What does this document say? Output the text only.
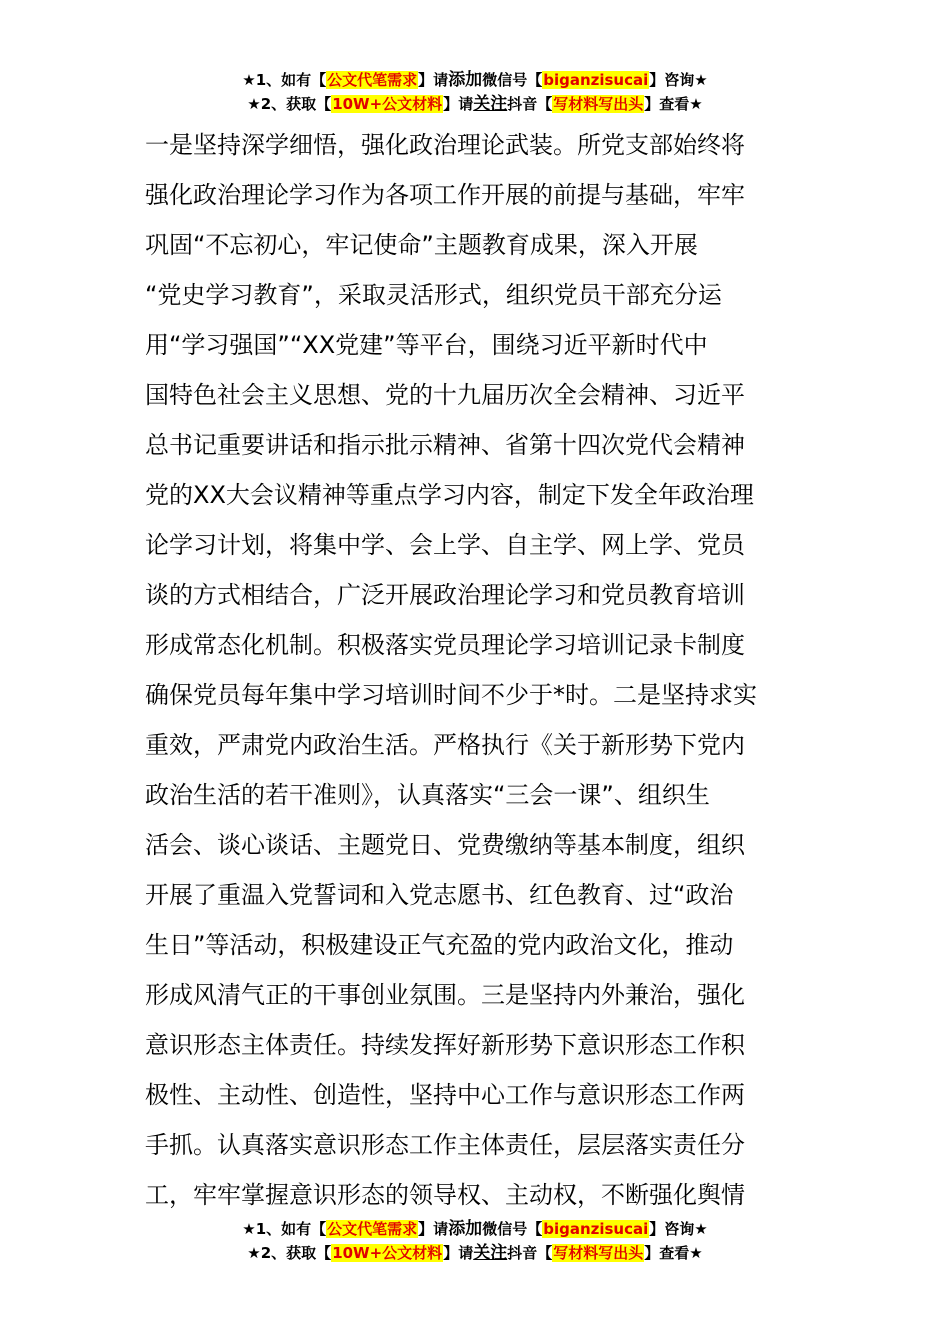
★1、如有【公文代笔需求】请添加微信号【biganzisucai】咨询★
★2、获取【10W+公文材料】请关注抖音【写材料写出头】查看★
一是坚持深学细悟，强化政治理论武装。所党支部始终将
强化政治理论学习作为各项工作开展的前提与基础，牢牢
巩固“不忘初心，牢记使命”主题教育成果，深入开展
“党史学习教育”，采取灵活形式，组织党员干部充分运
用“学习强国”“XX党建”等平台，围绕习近平新时代中
国特色社会主义思想、党的十九届历次全会精神、习近平
总书记重要讲话和指示批示精神、省第十四次党代会精神
党的XX大会议精神等重点学习内容，制定下发全年政治理
论学习计划，将集中学、会上学、自主学、网上学、党员
谈的方式相结合，广泛开展政治理论学习和党员教育培训
形成常态化机制。积极落实党员理论学习培训记录卡制度
确保党员每年集中学习培训时间不少于*时。二是坚持求实
重效，严肃党内政治生活。严格执行《关于新形势下党内
政治生活的若干准则》，认真落实“三会一课”、组织生
活会、谈心谈话、主题党日、党费缴纳等基本制度，组织
开展了重温入党誓词和入党志愿书、红色教育、过“政治
生日”等活动，积极建设正气充盈的党内政治文化，推动
形成风清气正的干事创业氛围。三是坚持内外兼治，强化
意识形态主体责任。持续发挥好新形势下意识形态工作积
极性、主动性、创造性，坚持中心工作与意识形态工作两
手抓。认真落实意识形态工作主体责任，层层落实责任分
工，牢牢掌握意识形态的领导权、主动权，不断强化舆情
★1、如有【公文代笔需求】请添加微信号【biganzisucai】咨询★
★2、获取【10W+公文材料】请关注抖音【写材料写出头】查看★
